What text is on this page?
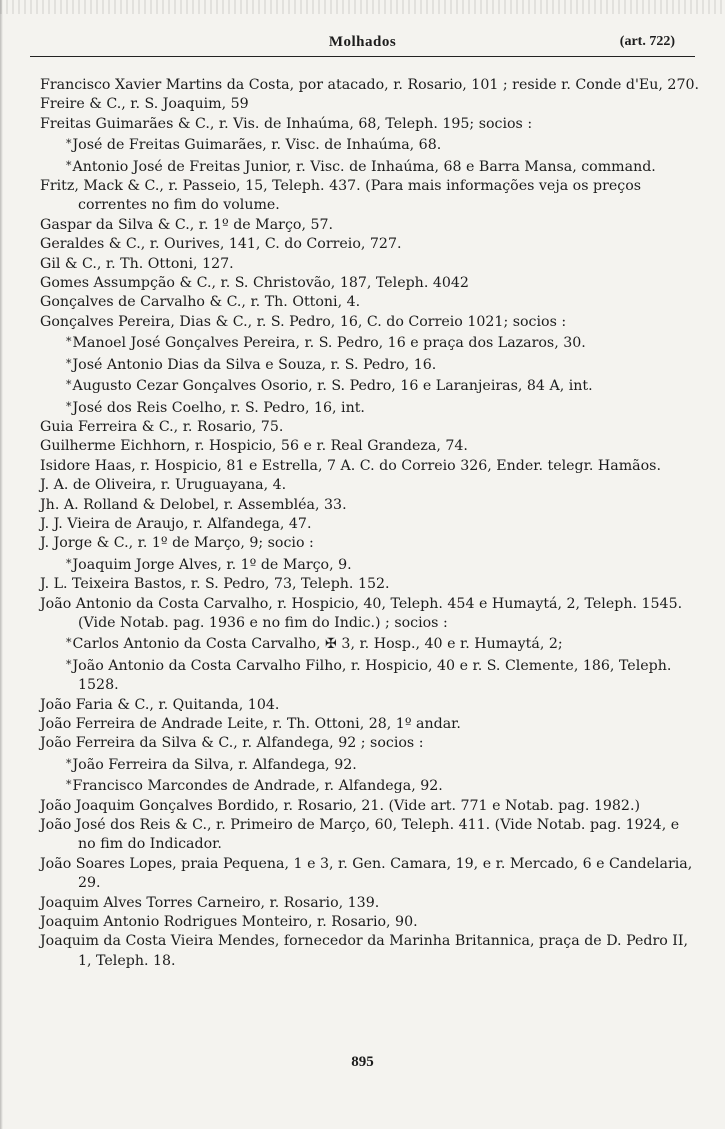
Molhados	(art. 722)

Francisco Xavier Martins da Costa, por atacado, r. Rosario, 101 ; reside r. Conde d'Eu, 270.

Freire & C., r. S. Joaquim, 59

Freitas Guimarães & C., r. Vis. de Inhaúma, 68, Teleph. 195; socios :

*José de Freitas Guimarães, r. Visc. de Inhaúma, 68.

*Antonio José de Freitas Junior, r. Visc. de Inhaúma, 68 e Barra Mansa, command.

Fritz, Mack & C., r. Passeio, 15, Teleph. 437. (Para mais informações veja os preços correntes no fim do volume.

Gaspar da Silva & C., r. 1º de Março, 57.

Geraldes & C., r. Ourives, 141, C. do Correio, 727.

Gil & C., r. Th. Ottoni, 127.

Gomes Assumpção & C., r. S. Christovão, 187, Teleph. 4042

Gonçalves de Carvalho & C., r. Th. Ottoni, 4.

Gonçalves Pereira, Dias & C., r. S. Pedro, 16, C. do Correio 1021; socios :

*Manoel José Gonçalves Pereira, r. S. Pedro, 16 e praça dos Lazaros, 30.

*José Antonio Dias da Silva e Souza, r. S. Pedro, 16.

*Augusto Cezar Gonçalves Osorio, r. S. Pedro, 16 e Laranjeiras, 84 A, int.

*José dos Reis Coelho, r. S. Pedro, 16, int.

Guia Ferreira & C., r. Rosario, 75.

Guilherme Eichhorn, r. Hospicio, 56 e r. Real Grandeza, 74.

Isidore Haas, r. Hospicio, 81 e Estrella, 7 A. C. do Correio 326, Ender. telegr. Hamãos.

J. A. de Oliveira, r. Uruguayana, 4.

Jh. A. Rolland & Delobel, r. Assembléa, 33.

J. J. Vieira de Araujo, r. Alfandega, 47.

J. Jorge & C., r. 1º de Março, 9; socio :

*Joaquim Jorge Alves, r. 1º de Março, 9.

J. L. Teixeira Bastos, r. S. Pedro, 73, Teleph. 152.

João Antonio da Costa Carvalho, r. Hospicio, 40, Teleph. 454 e Humaytá, 2, Teleph. 1545. (Vide Notab. pag. 1936 e no fim do Indic.) ; socios :

*Carlos Antonio da Costa Carvalho, ✠ 3, r. Hosp., 40 e r. Humaytá, 2;

*João Antonio da Costa Carvalho Filho, r. Hospicio, 40 e r. S. Clemente, 186, Teleph. 1528.

João Faria & C., r. Quitanda, 104.

João Ferreira de Andrade Leite, r. Th. Ottoni, 28, 1º andar.

João Ferreira da Silva & C., r. Alfandega, 92 ; socios :

*João Ferreira da Silva, r. Alfandega, 92.

*Francisco Marcondes de Andrade, r. Alfandega, 92.

João Joaquim Gonçalves Bordido, r. Rosario, 21. (Vide art. 771 e Notab. pag. 1982.)

João José dos Reis & C., r. Primeiro de Março, 60, Teleph. 411. (Vide Notab. pag. 1924, e no fim do Indicador.

João Soares Lopes, praia Pequena, 1 e 3, r. Gen. Camara, 19, e r. Mercado, 6 e Candelaria, 29.

Joaquim Alves Torres Carneiro, r. Rosario, 139.

Joaquim Antonio Rodrigues Monteiro, r. Rosario, 90.

Joaquim da Costa Vieira Mendes, fornecedor da Marinha Britannica, praça de D. Pedro II, 1, Teleph. 18.

895
